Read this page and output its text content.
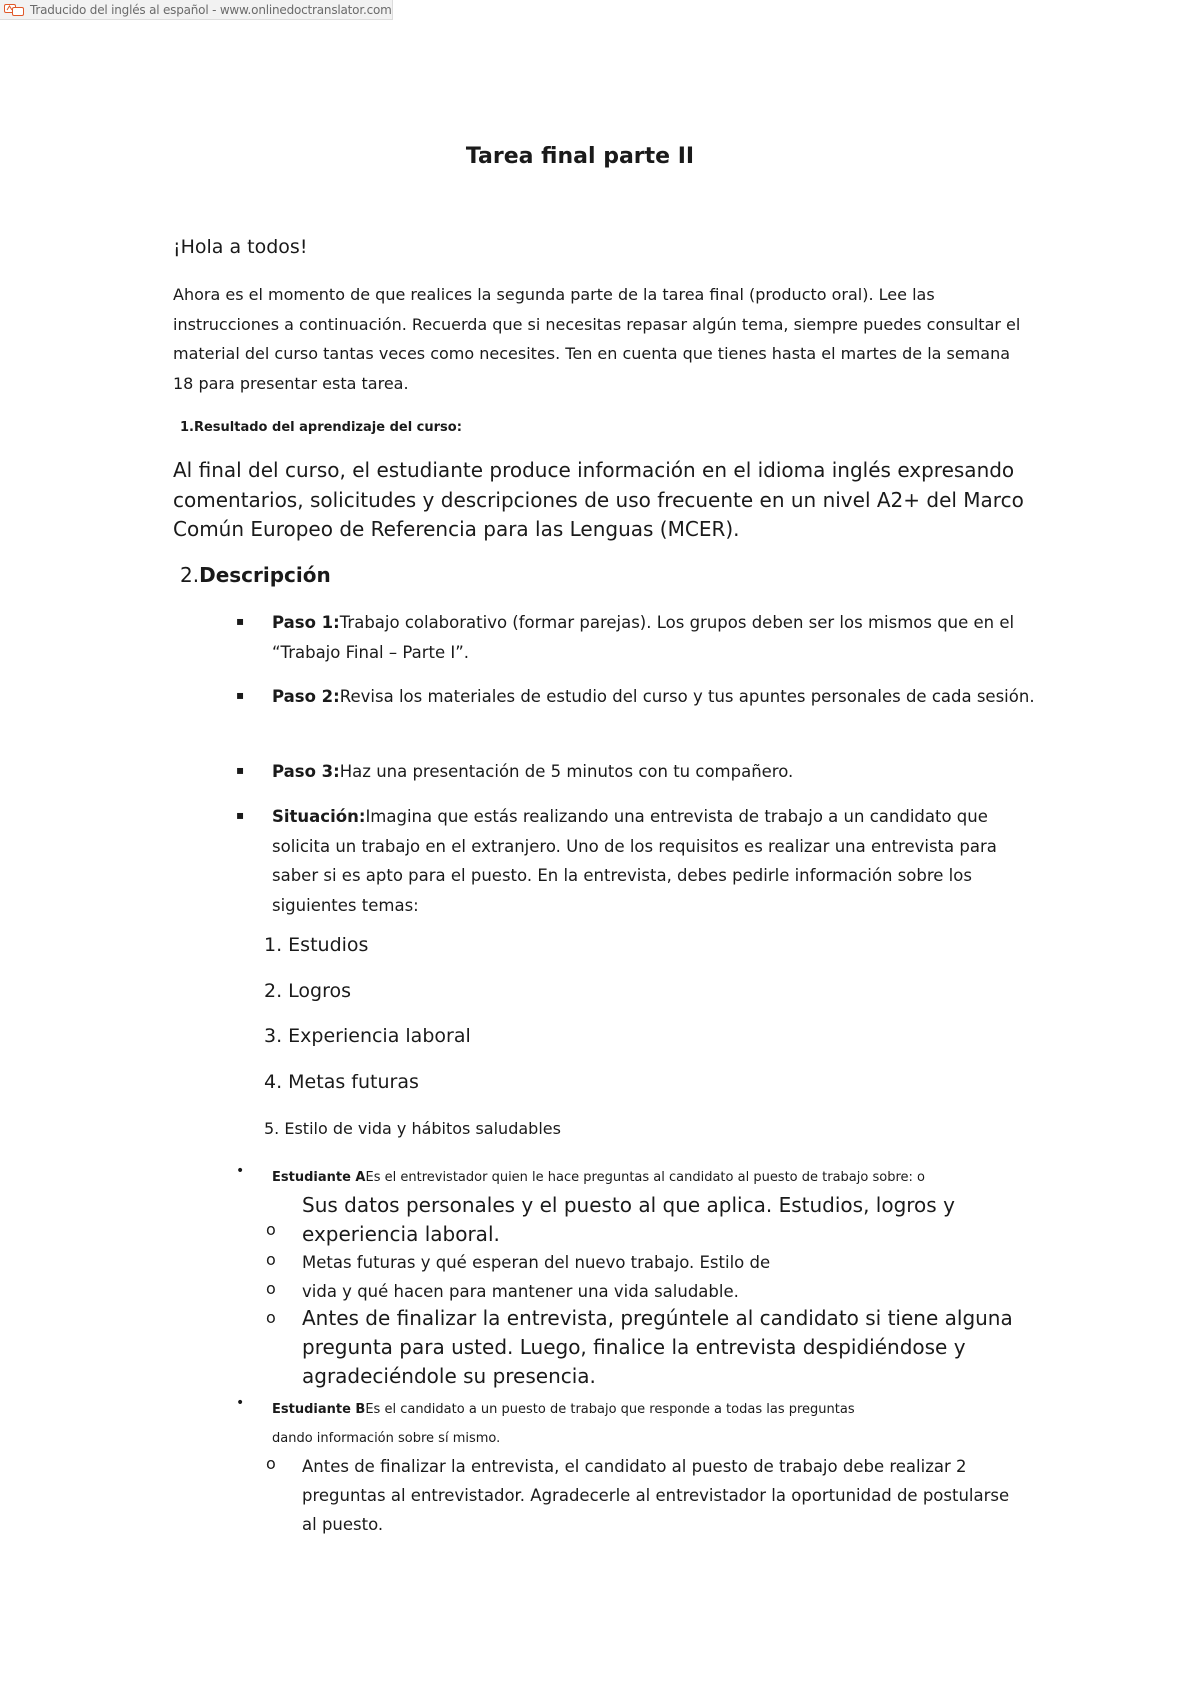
Traducido del inglés al español - www.onlinedoctranslator.com
Tarea final parte II
¡Hola a todos!
Ahora es el momento de que realices la segunda parte de la tarea final (producto oral). Lee las instrucciones a continuación. Recuerda que si necesitas repasar algún tema, siempre puedes consultar el material del curso tantas veces como necesites. Ten en cuenta que tienes hasta el martes de la semana 18 para presentar esta tarea.
1.Resultado del aprendizaje del curso:
Al final del curso, el estudiante produce información en el idioma inglés expresando comentarios, solicitudes y descripciones de uso frecuente en un nivel A2+ del Marco Común Europeo de Referencia para las Lenguas (MCER).
2.Descripción
▪ Paso 1:Trabajo colaborativo (formar parejas). Los grupos deben ser los mismos que en el “Trabajo Final – Parte I”.
▪ Paso 2:Revisa los materiales de estudio del curso y tus apuntes personales de cada sesión.
▪ Paso 3:Haz una presentación de 5 minutos con tu compañero.
▪ Situación:Imagina que estás realizando una entrevista de trabajo a un candidato que solicita un trabajo en el extranjero. Uno de los requisitos es realizar una entrevista para saber si es apto para el puesto. En la entrevista, debes pedirle información sobre los siguientes temas:
1. Estudios
2. Logros
3. Experiencia laboral
4. Metas futuras
5. Estilo de vida y hábitos saludables
• Estudiante AEs el entrevistador quien le hace preguntas al candidato al puesto de trabajo sobre: o
Sus datos personales y el puesto al que aplica. Estudios, logros y experiencia laboral.
o
o Metas futuras y qué esperan del nuevo trabajo. Estilo de
o vida y qué hacen para mantener una vida saludable.
o Antes de finalizar la entrevista, pregúntele al candidato si tiene alguna pregunta para usted. Luego, finalice la entrevista despidiéndose y agradeciéndole su presencia.
• Estudiante BEs el candidato a un puesto de trabajo que responde a todas las preguntas dando información sobre sí mismo.
o Antes de finalizar la entrevista, el candidato al puesto de trabajo debe realizar 2 preguntas al entrevistador. Agradecerle al entrevistador la oportunidad de postularse al puesto.
